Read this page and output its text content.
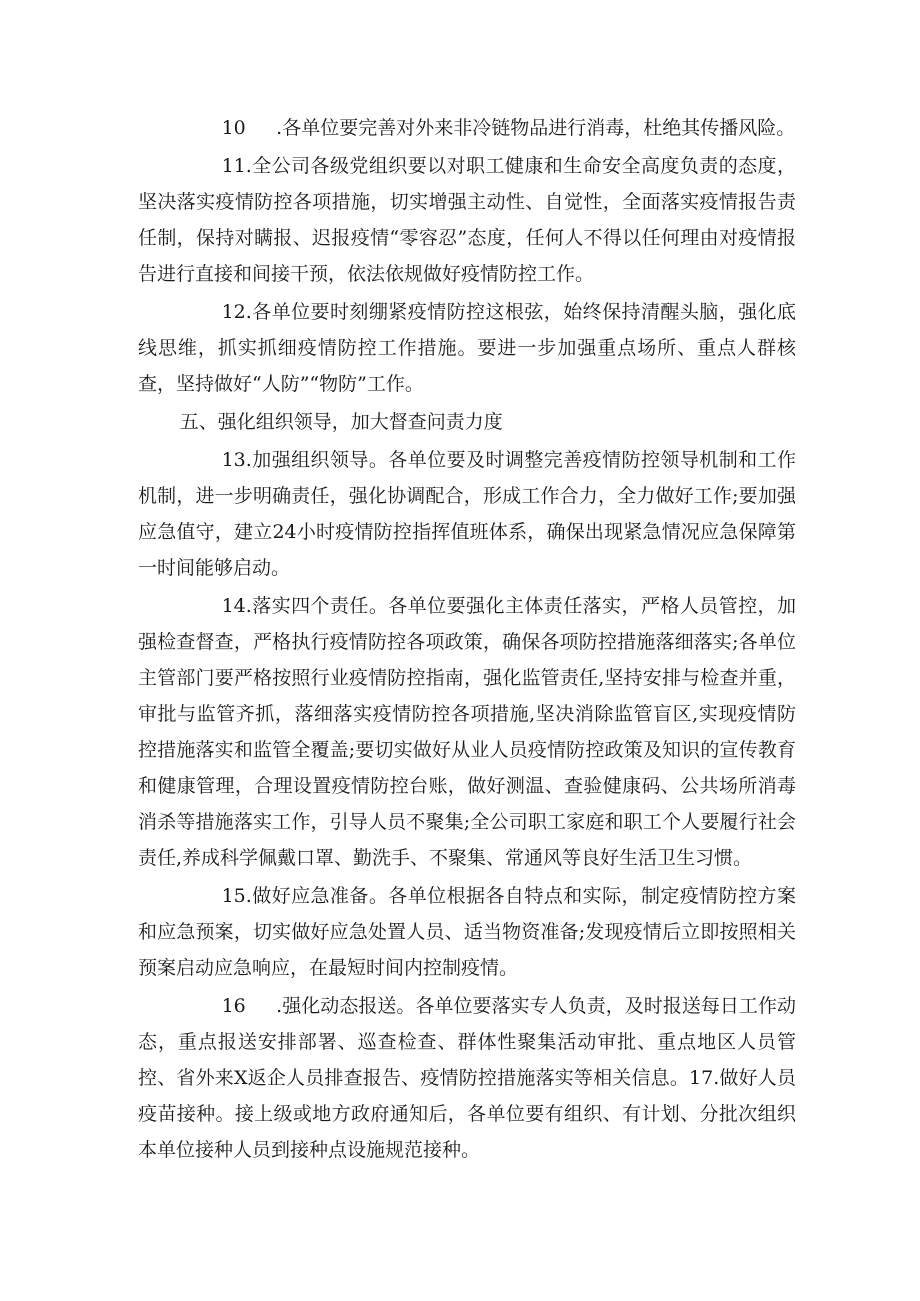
10 .各单位要完善对外来非冷链物品进行消毒，杜绝其传播风险。

11.全公司各级党组织要以对职工健康和生命安全高度负责的态度，坚决落实疫情防控各项措施，切实增强主动性、自觉性，全面落实疫情报告责任制，保持对瞒报、迟报疫情“零容忍”态度，任何人不得以任何理由对疫情报告进行直接和间接干预，依法依规做好疫情防控工作。

12.各单位要时刻绷紧疫情防控这根弦，始终保持清醒头脑，强化底线思维，抓实抓细疫情防控工作措施。要进一步加强重点场所、重点人群核查，坚持做好“人防”“物防”工作。

五、强化组织领导，加大督查问责力度

13.加强组织领导。各单位要及时调整完善疫情防控领导机制和工作机制，进一步明确责任，强化协调配合，形成工作合力，全力做好工作;要加强应急值守，建立24小时疫情防控指挥值班体系，确保出现紧急情况应急保障第一时间能够启动。

14.落实四个责任。各单位要强化主体责任落实，严格人员管控，加强检查督查，严格执行疫情防控各项政策，确保各项防控措施落细落实;各单位主管部门要严格按照行业疫情防控指南，强化监管责任,坚持安排与检查并重，审批与监管齐抓，落细落实疫情防控各项措施,坚决消除监管盲区,实现疫情防控措施落实和监管全覆盖;要切实做好从业人员疫情防控政策及知识的宣传教育和健康管理，合理设置疫情防控台账，做好测温、查验健康码、公共场所消毒消杀等措施落实工作，引导人员不聚集;全公司职工家庭和职工个人要履行社会责任,养成科学佩戴口罩、勤洗手、不聚集、常通风等良好生活卫生习惯。

15.做好应急准备。各单位根据各自特点和实际，制定疫情防控方案和应急预案，切实做好应急处置人员、适当物资准备;发现疫情后立即按照相关预案启动应急响应，在最短时间内控制疫情。

16 .强化动态报送。各单位要落实专人负责，及时报送每日工作动态，重点报送安排部署、巡查检查、群体性聚集活动审批、重点地区人员管控、省外来X返企人员排查报告、疫情防控措施落实等相关信息。17.做好人员疫苗接种。接上级或地方政府通知后，各单位要有组织、有计划、分批次组织本单位接种人员到接种点设施规范接种。
